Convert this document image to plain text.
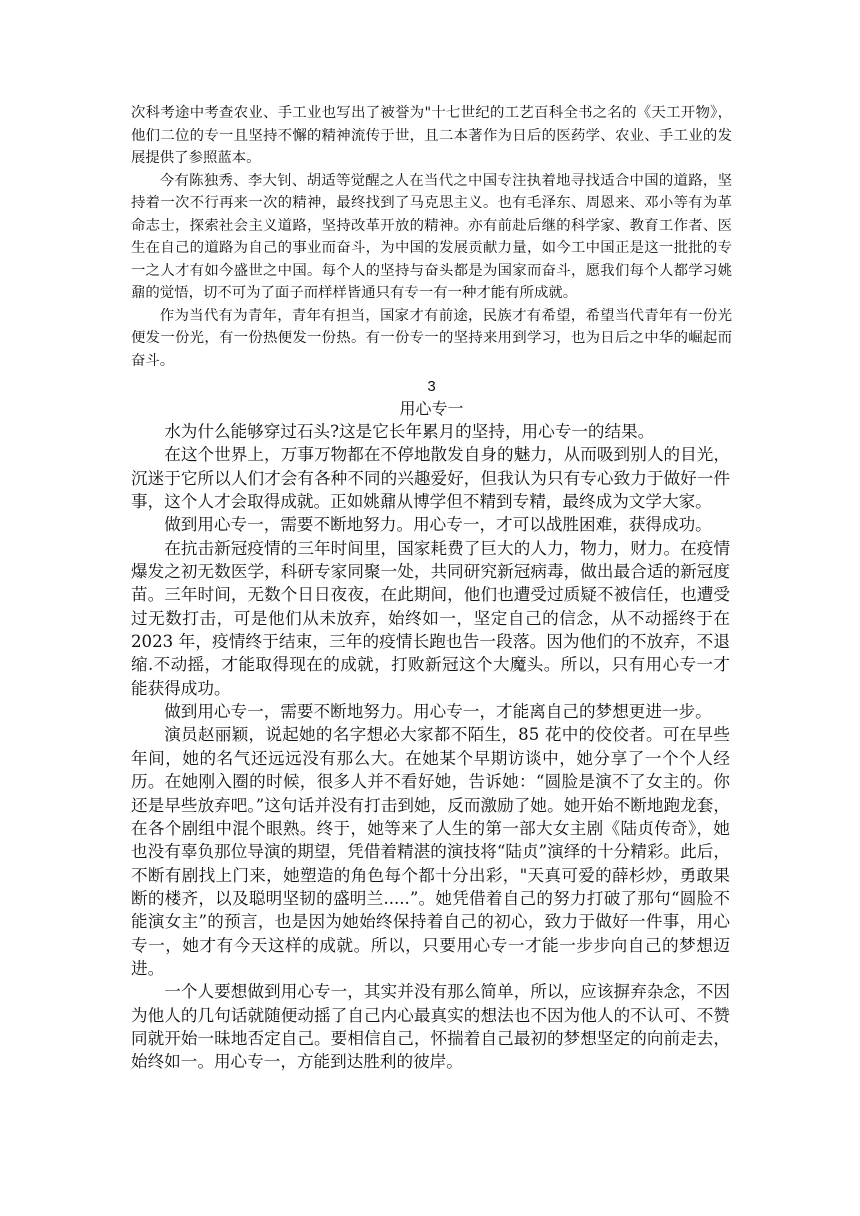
次科考途中考查农业、手工业也写出了被誉为"十七世纪的工艺百科全书之名的《天工开物》，他们二位的专一且坚持不懈的精神流传于世，且二本著作为日后的医药学、农业、手工业的发展提供了参照蓝本。

今有陈独秀、李大钊、胡适等觉醒之人在当代之中国专注执着地寻找适合中国的道路，坚持着一次不行再来一次的精神，最终找到了马克思主义。也有毛泽东、周恩来、邓小等有为革命志士，探索社会主义道路，坚持改革开放的精神。亦有前赴后继的科学家、教育工作者、医生在自己的道路为自己的事业而奋斗，为中国的发展贡献力量，如今工中国正是这一批批的专一之人才有如今盛世之中国。每个人的坚持与奋头都是为国家而奋斗，愿我们每个人都学习姚鼐的觉悟，切不可为了面子而样样皆通只有专一有一种才能有所成就。

作为当代有为青年，青年有担当，国家才有前途，民族才有希望，希望当代青年有一份光便发一份光，有一份热便发一份热。有一份专一的坚持来用到学习，也为日后之中华的崛起而奋斗。

3

用心专一

水为什么能够穿过石头?这是它长年累月的坚持，用心专一的结果。

在这个世界上，万事万物都在不停地散发自身的魅力，从而吸到别人的目光，沉迷于它所以人们才会有各种不同的兴趣爱好，但我认为只有专心致力于做好一件事，这个人才会取得成就。正如姚鼐从博学但不精到专精，最终成为文学大家。

做到用心专一，需要不断地努力。用心专一，才可以战胜困难，获得成功。

在抗击新冠疫情的三年时间里，国家耗费了巨大的人力，物力，财力。在疫情爆发之初无数医学，科研专家同聚一处，共同研究新冠病毒，做出最合适的新冠度苗。三年时间，无数个日日夜夜，在此期间，他们也遭受过质疑不被信任，也遭受过无数打击，可是他们从未放弃，始终如一，坚定自己的信念，从不动摇终于在 2023 年，疫情终于结束，三年的疫情长跑也告一段落。因为他们的不放弃，不退缩.不动摇，才能取得现在的成就，打败新冠这个大魔头。所以，只有用心专一才能获得成功。

做到用心专一，需要不断地努力。用心专一，才能离自己的梦想更进一步。

演员赵丽颖，说起她的名字想必大家都不陌生，85 花中的佼佼者。可在早些年间，她的名气还远远没有那么大。在她某个早期访谈中，她分享了一个个人经历。在她刚入圈的时候，很多人并不看好她，告诉她：“圆脸是演不了女主的。你还是早些放弃吧。”这句话并没有打击到她，反而激励了她。她开始不断地跑龙套，在各个剧组中混个眼熟。终于，她等来了人生的第一部大女主剧《陆贞传奇》，她也没有辜负那位导演的期望，凭借着精湛的演技将“陆贞”演绎的十分精彩。此后，不断有剧找上门来，她塑造的角色每个都十分出彩，"天真可爱的薛杉炒，勇敢果断的楼齐，以及聪明坚韧的盛明兰.....”。她凭借着自己的努力打破了那句“圆脸不能演女主”的预言，也是因为她始终保持着自己的初心，致力于做好一件事，用心专一，她才有今天这样的成就。所以，只要用心专一才能一步步向自己的梦想迈进。

一个人要想做到用心专一，其实并没有那么简单，所以，应该摒弃杂念，不因为他人的几句话就随便动摇了自己内心最真实的想法也不因为他人的不认可、不赞同就开始一昧地否定自己。要相信自己，怀揣着自己最初的梦想坚定的向前走去，始终如一。用心专一，方能到达胜利的彼岸。
